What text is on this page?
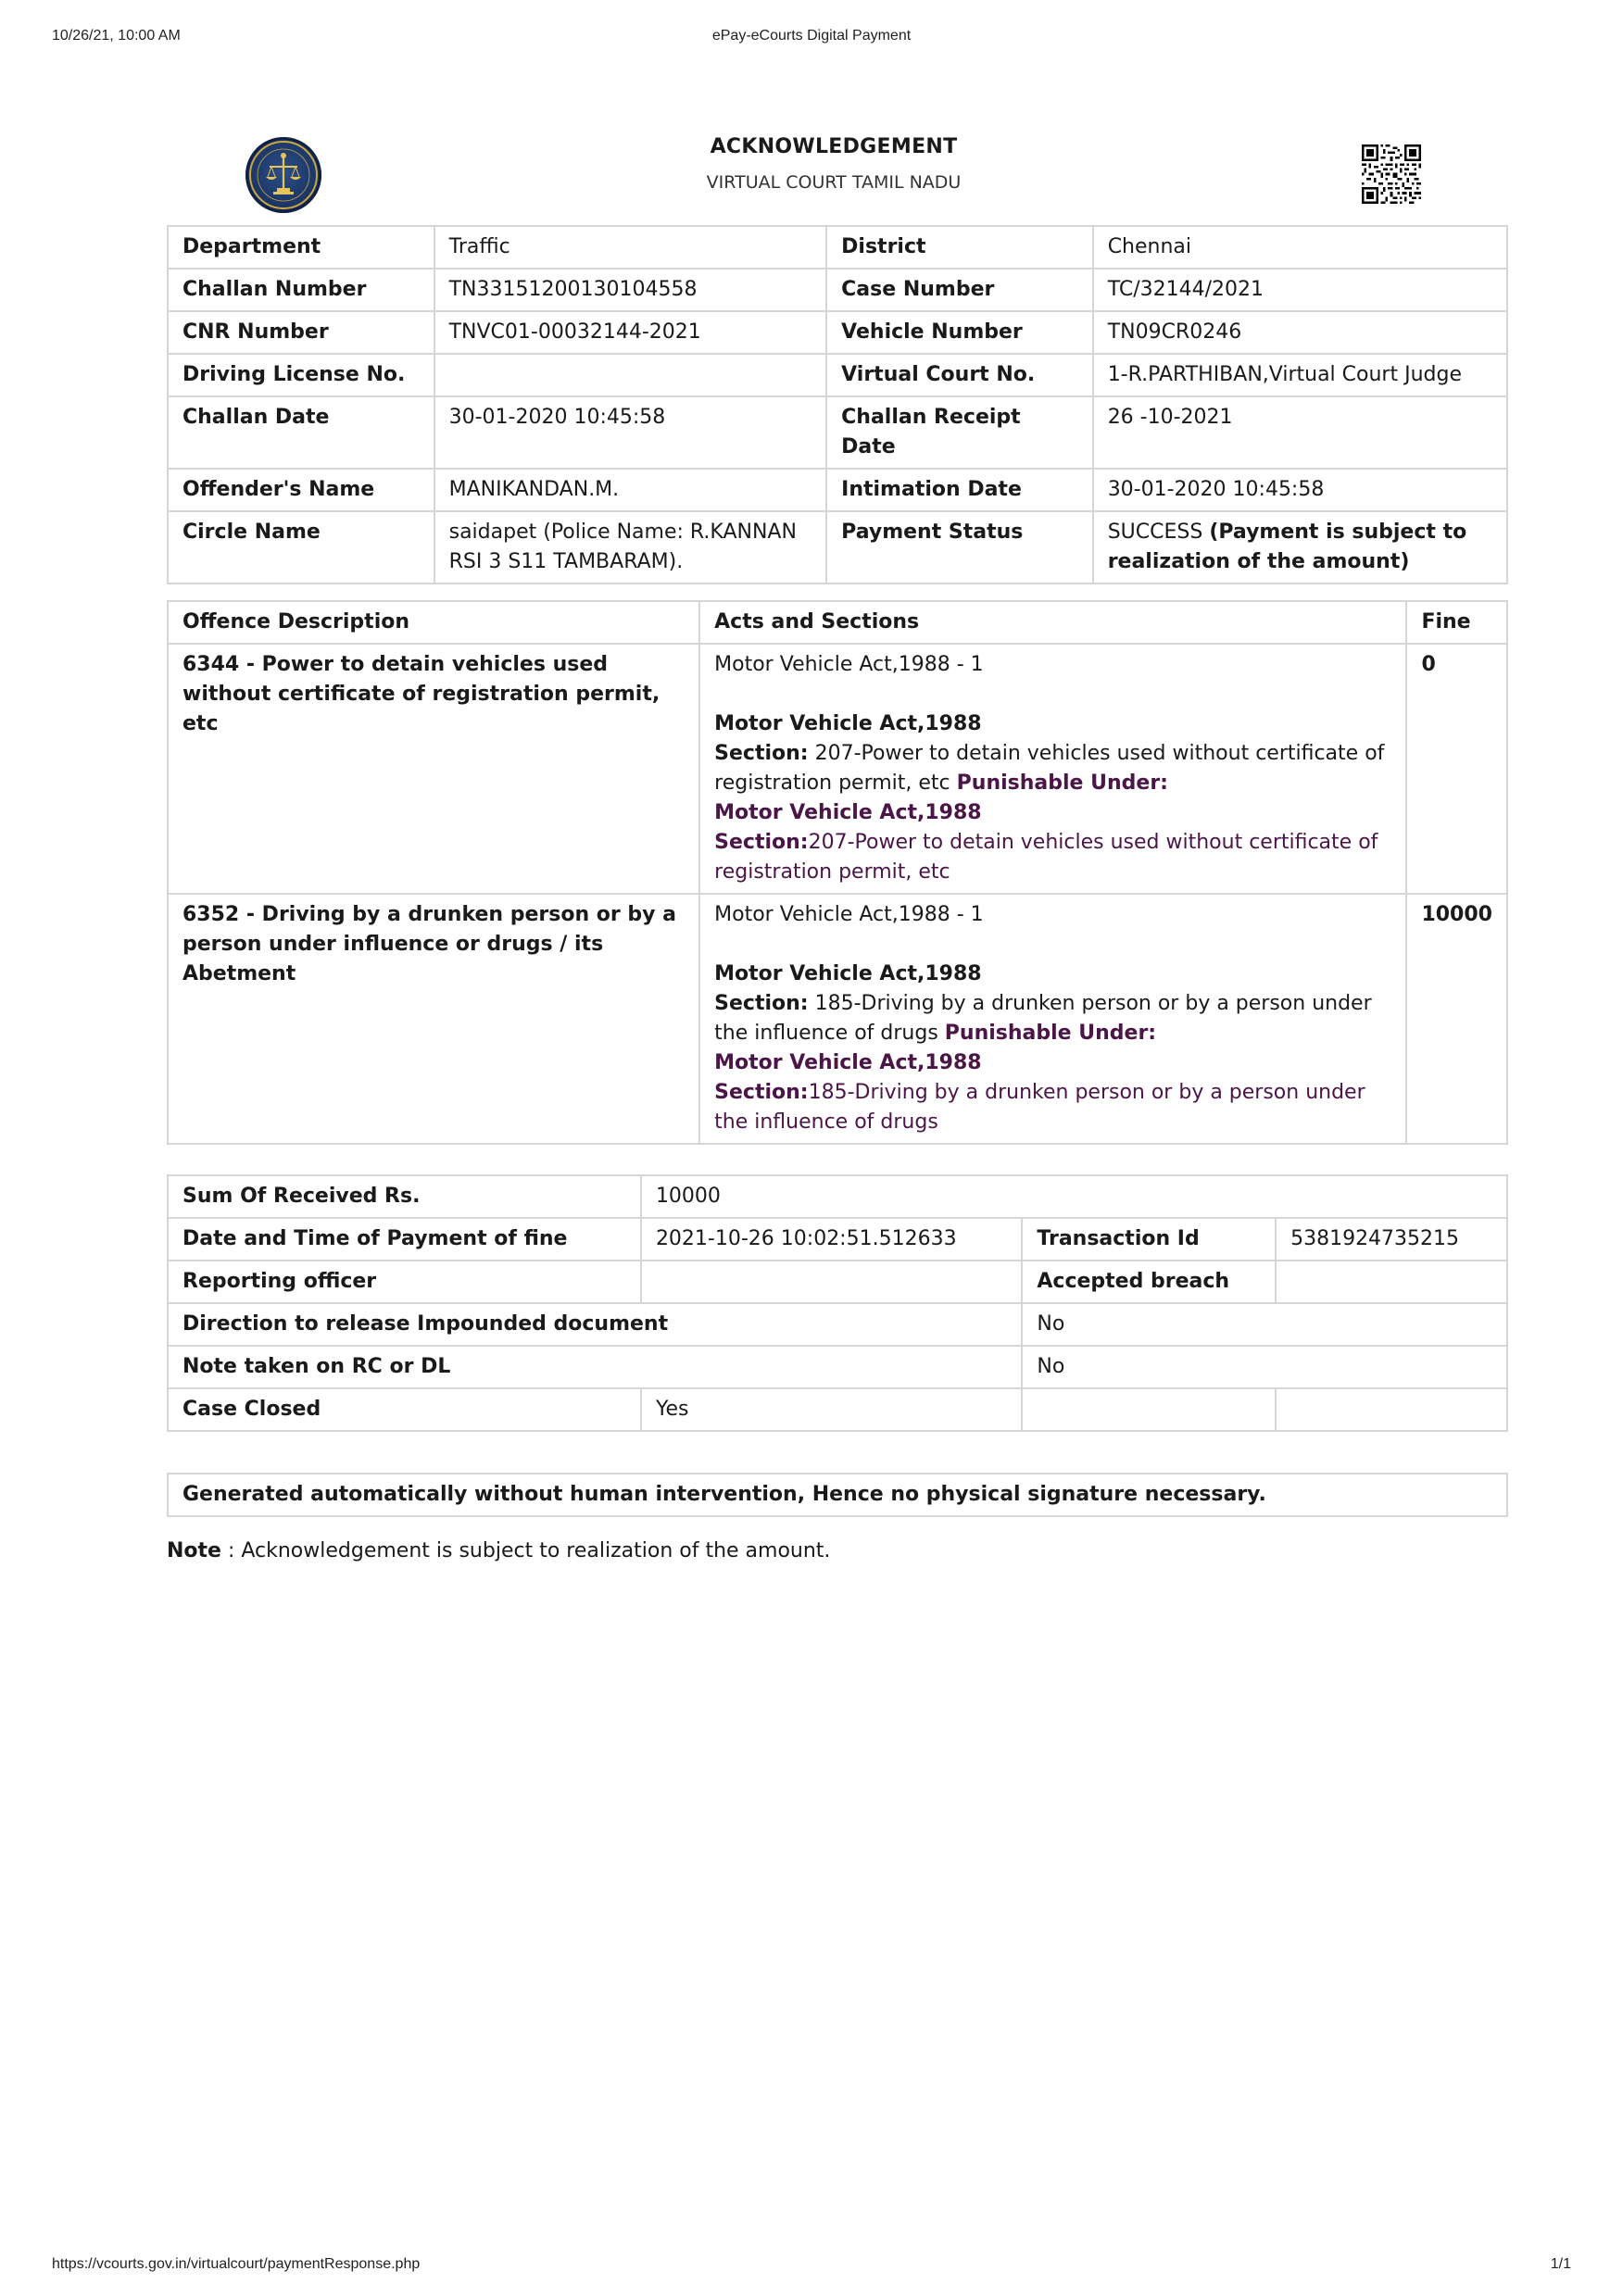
10/26/21, 10:00 AM	ePay-eCourts Digital Payment
ACKNOWLEDGEMENT
VIRTUAL COURT TAMIL NADU
Department	Traffic	District	Chennai
Challan Number	TN33151200130104558	Case Number	TC/32144/2021
CNR Number	TNVC01-00032144-2021	Vehicle Number	TN09CR0246
Driving License No.		Virtual Court No.	1-R.PARTHIBAN,Virtual Court Judge
Challan Date	30-01-2020 10:45:58	Challan Receipt Date	26 -10-2021
Offender's Name	MANIKANDAN.M.	Intimation Date	30-01-2020 10:45:58
Circle Name	saidapet (Police Name: R.KANNAN RSI 3 S11 TAMBARAM).	Payment Status	SUCCESS (Payment is subject to realization of the amount)
Offence Description	Acts and Sections	Fine
6344 - Power to detain vehicles used without certificate of registration permit, etc	Motor Vehicle Act,1988 - 1
Motor Vehicle Act,1988
Section: 207-Power to detain vehicles used without certificate of registration permit, etc Punishable Under:
Motor Vehicle Act,1988
Section:207-Power to detain vehicles used without certificate of registration permit, etc	0
6352 - Driving by a drunken person or by a person under influence or drugs / its Abetment	Motor Vehicle Act,1988 - 1
Motor Vehicle Act,1988
Section: 185-Driving by a drunken person or by a person under the influence of drugs Punishable Under:
Motor Vehicle Act,1988
Section:185-Driving by a drunken person or by a person under the influence of drugs	10000
Sum Of Received Rs.	10000		
Date and Time of Payment of fine	2021-10-26 10:02:51.512633	Transaction Id	5381924735215
Reporting officer		Accepted breach	
Direction to release Impounded document		No	
Note taken on RC or DL		No	
Case Closed	Yes		
Generated automatically without human intervention, Hence no physical signature necessary.
Note : Acknowledgement is subject to realization of the amount.
https://vcourts.gov.in/virtualcourt/paymentResponse.php	1/1
